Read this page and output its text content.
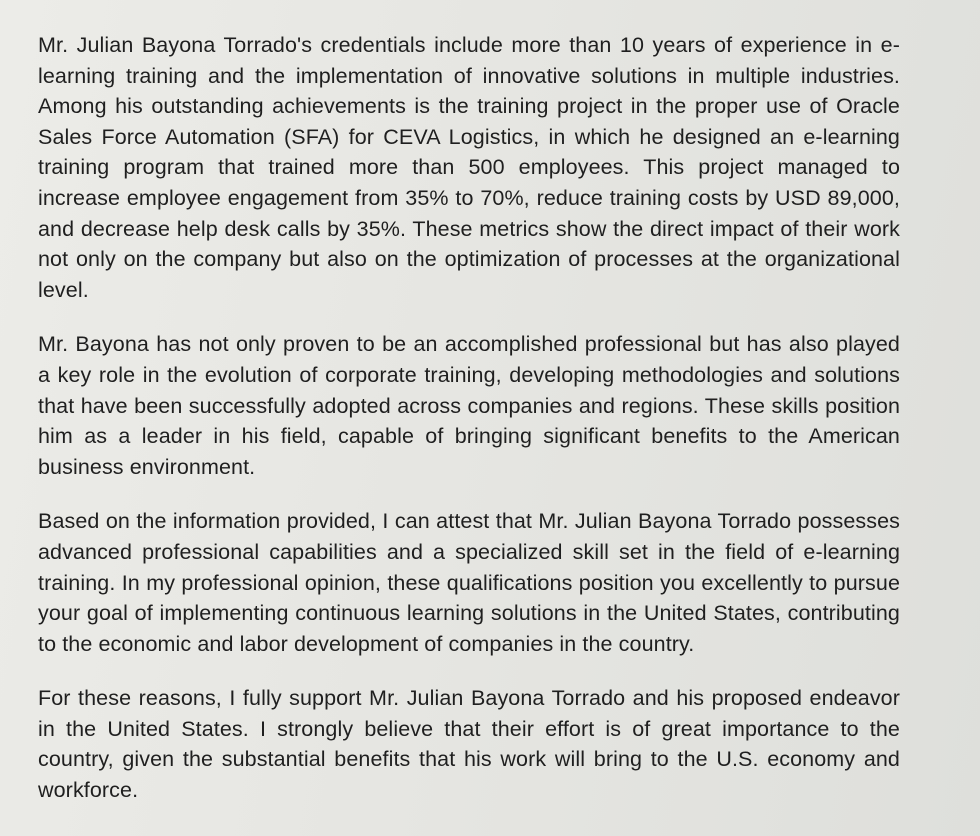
Mr. Julian Bayona Torrado's credentials include more than 10 years of experience in e-learning training and the implementation of innovative solutions in multiple industries. Among his outstanding achievements is the training project in the proper use of Oracle Sales Force Automation (SFA) for CEVA Logistics, in which he designed an e-learning training program that trained more than 500 employees. This project managed to increase employee engagement from 35% to 70%, reduce training costs by USD 89,000, and decrease help desk calls by 35%. These metrics show the direct impact of their work not only on the company but also on the optimization of processes at the organizational level.

Mr. Bayona has not only proven to be an accomplished professional but has also played a key role in the evolution of corporate training, developing methodologies and solutions that have been successfully adopted across companies and regions. These skills position him as a leader in his field, capable of bringing significant benefits to the American business environment.

Based on the information provided, I can attest that Mr. Julian Bayona Torrado possesses advanced professional capabilities and a specialized skill set in the field of e-learning training. In my professional opinion, these qualifications position you excellently to pursue your goal of implementing continuous learning solutions in the United States, contributing to the economic and labor development of companies in the country.

For these reasons, I fully support Mr. Julian Bayona Torrado and his proposed endeavor in the United States. I strongly believe that their effort is of great importance to the country, given the substantial benefits that his work will bring to the U.S. economy and workforce.
